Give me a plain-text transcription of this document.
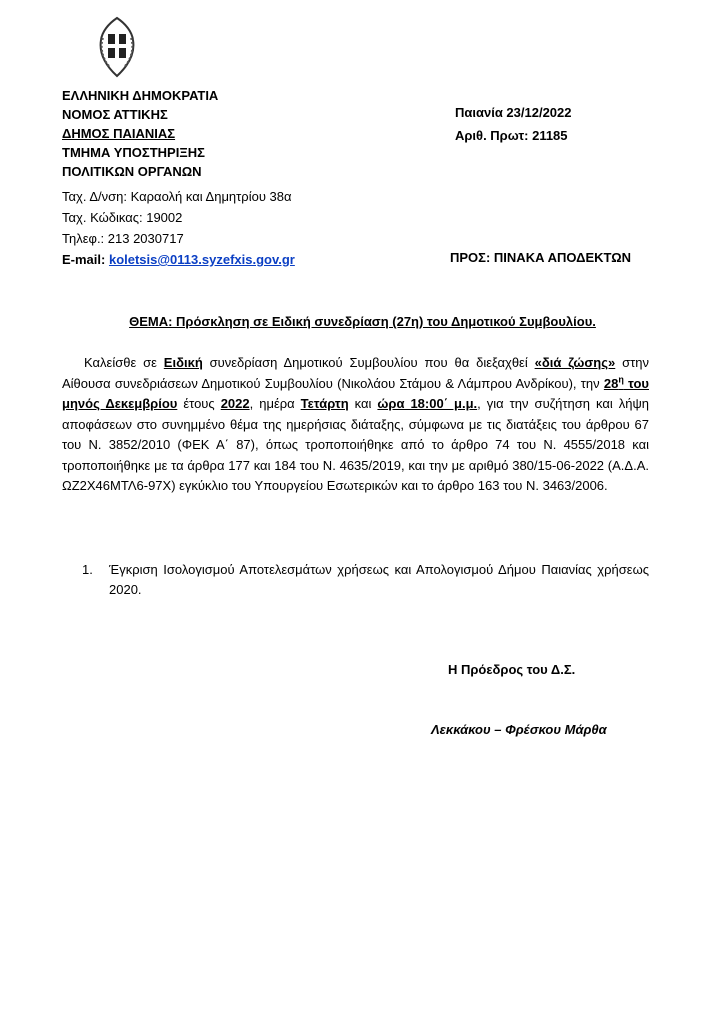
ΕΛΛΗΝΙΚΗ ΔΗΜΟΚΡΑΤΙΑ
ΝΟΜΟΣ ΑΤΤΙΚΗΣ
ΔΗΜΟΣ ΠΑΙΑΝΙΑΣ
ΤΜΗΜΑ ΥΠΟΣΤΗΡΙΞΗΣ
ΠΟΛΙΤΙΚΩΝ ΟΡΓΑΝΩΝ
Ταχ. Δ/νση: Καραολή και Δημητρίου 38α
Ταχ. Κώδικας: 19002
Τηλεφ.: 213 2030717
E-mail: koletsis@0113.syzefxis.gov.gr
Παιανία 23/12/2022
Αριθ. Πρωτ: 21185
ΠΡΟΣ: ΠΙΝΑΚΑ ΑΠΟΔΕΚΤΩΝ
ΘΕΜΑ: Πρόσκληση σε Ειδική συνεδρίαση (27η) του Δημοτικού Συμβουλίου.

Καλείσθε σε Ειδική συνεδρίαση Δημοτικού Συμβουλίου που θα διεξαχθεί «διά ζώσης» στην Αίθουσα συνεδριάσεων Δημοτικού Συμβουλίου (Νικολάου Στάμου & Λάμπρου Ανδρίκου), την $28^\eta$ του μηνός Δεκεμβρίου έτους 2022, ημέρα Τετάρτη και ώρα 18:00΄ μ.μ., για την συζήτηση και λήψη αποφάσεων στο συνημμένο θέμα της ημερήσιας διάταξης, σύμφωνα με τις διατάξεις του άρθρου 67 του Ν. 3852/2010 (ΦΕΚ Α΄ 87), όπως τροποποιήθηκε από το άρθρο 74 του Ν. 4555/2018 και τροποποιήθηκε με τα άρθρα 177 και 184 του Ν. 4635/2019, και την με αριθμό 380/15-06-2022 (Α.Δ.Α. ΩΖ2Χ46ΜΤΛ6-97Χ) εγκύκλιο του Υπουργείου Εσωτερικών και το άρθρο 163 του Ν. 3463/2006.

1. Έγκριση Ισολογισμού Αποτελεσμάτων χρήσεως και Απολογισμού Δήμου Παιανίας χρήσεως 2020.
Η Πρόεδρος του Δ.Σ.
Λεκκάκου – Φρέσκου Μάρθα
